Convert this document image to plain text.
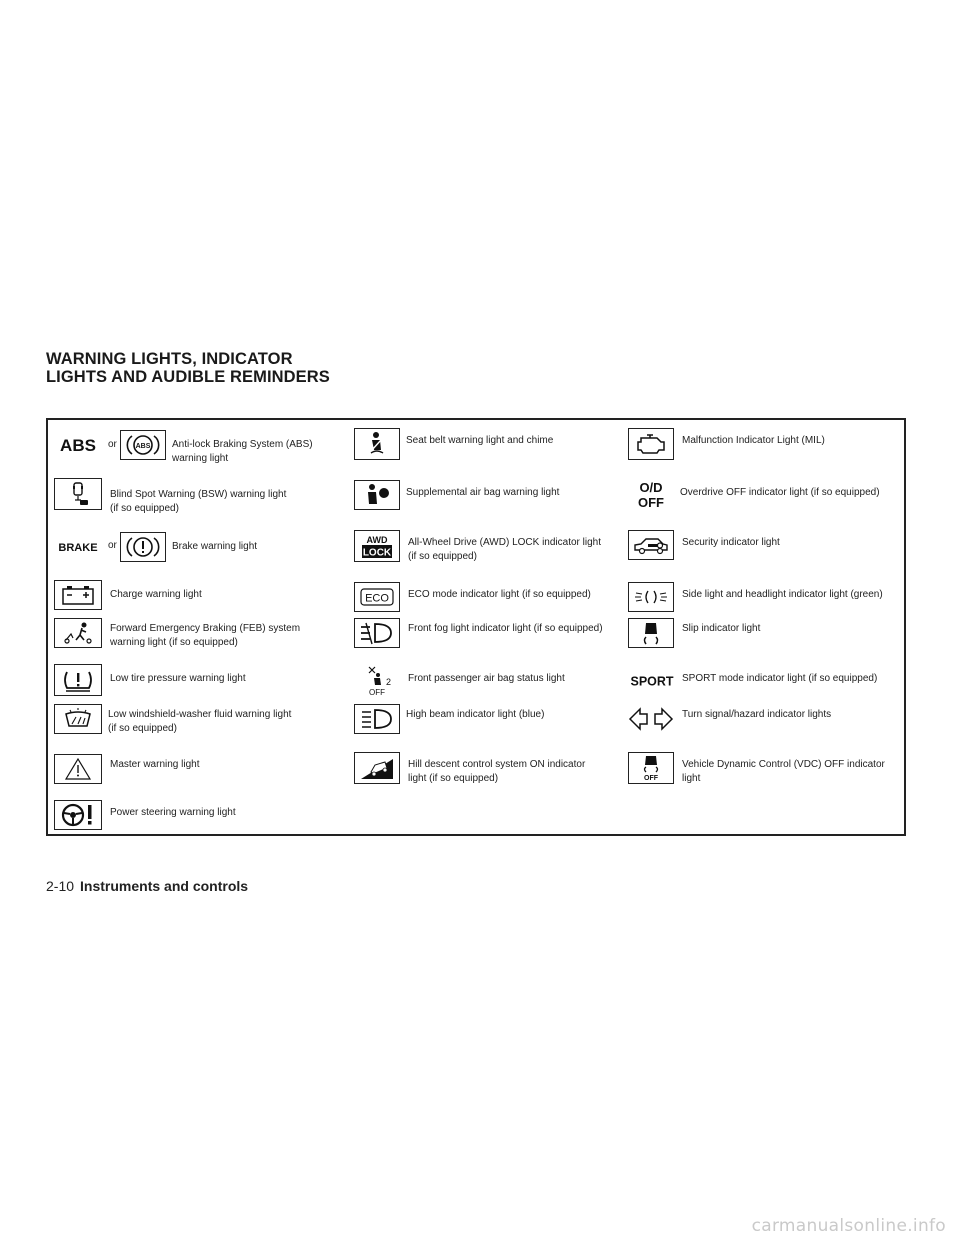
WARNING LIGHTS, INDICATOR
LIGHTS AND AUDIBLE REMINDERS
ABS or	ABS Anti-lock Braking System (ABS)
warning light
Blind Spot Warning (BSW) warning light
(if so equipped)
BRAKE or	Brake warning light
Charge warning light
Forward Emergency Braking (FEB) system
warning light (if so equipped)
Low tire pressure warning light
Low windshield-washer fluid warning light
(if so equipped)
Master warning light
Power steering warning light
Seat belt warning light and chime
Supplemental air bag warning light
AWD
LOCK
All-Wheel Drive (AWD) LOCK indicator light
(if so equipped)
ECO ECO mode indicator light (if so equipped)
Front fog light indicator light (if so equipped)
2
OFF
Front passenger air bag status light
High beam indicator light (blue)
Hill descent control system ON indicator
light (if so equipped)
Malfunction Indicator Light (MIL)
O/D
OFF
Overdrive OFF indicator light (if so equipped)
Security indicator light
Side light and headlight indicator light (green)
Slip indicator light
SPORT SPORT mode indicator light (if so equipped)
Turn signal/hazard indicator lights
OFF
Vehicle Dynamic Control (VDC) OFF indicator
light
2-10 Instruments and controls
carmanualsonline.info
